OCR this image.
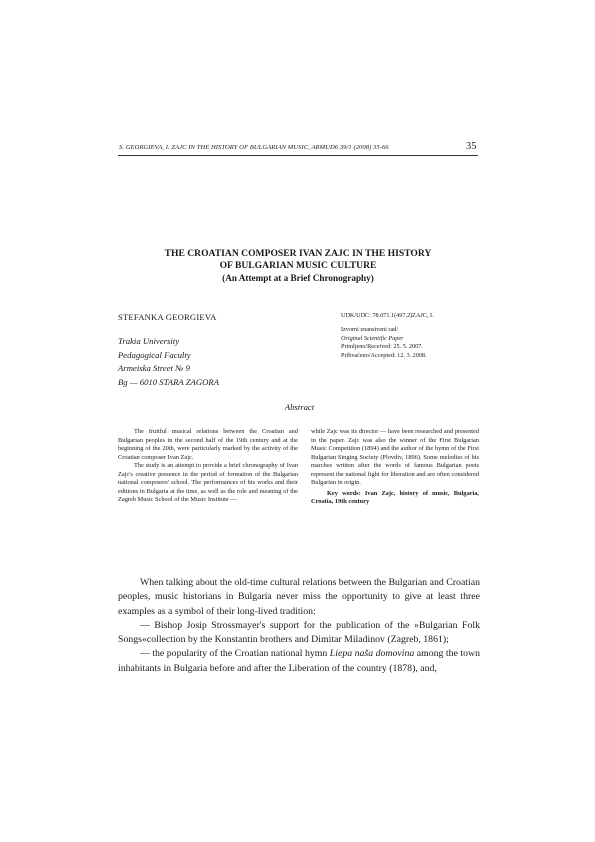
S. GEORGIEVA, I. ZAJC IN THE HISTORY OF BULGARIAN MUSIC, ARMUD6 39/1 (2008) 35-66	35
THE CROATIAN COMPOSER IVAN ZAJC IN THE HISTORY
OF BULGARIAN MUSIC CULTURE
(An Attempt at a Brief Chronography)
STEFANKA GEORGIEVA
Trakia University
Pedagogical Faculty
Armeiska Street № 9
Bg — 6010 STARA ZAGORA
UDK/UDC: 78.071.1(497.2)ZAJC, I.
Izvorni znanstveni rad/
Original Scientific Paper
Primljeno/Received: 25. 5. 2007.
Prihvaćeno/Accepted: 12. 3. 2008.
Abstract

The fruitful musical relations between the Croatian and Bulgarian peoples in the second half of the 19th century and at the beginning of the 20th, were particularly marked by the activity of the Croatian composer Ivan Zajc.

The study is an attempt to provide a brief chronography of Ivan Zajc's creative presence in the period of formation of the Bulgarian national composers' school. The performances of his works and their editions in Bulgaria at the time, as well as the role and meaning of the Zagreb Music School of the Music Institute —

while Zajc was its director — have been researched and presented in the paper. Zajc was also the winner of the First Bulgarian Music Competition (1894) and the author of the hymn of the First Bulgarian Singing Society (Plovdiv, 1896). Some melodies of his marches written after the words of famous Bulgarian poets represent the national fight for liberation and are often considered Bulgarian in origin.

Key words: Ivan Zajc, history of music, Bulgaria, Croatia, 19th century

When talking about the old-time cultural relations between the Bulgarian and Croatian peoples, music historians in Bulgaria never miss the opportunity to give at least three examples as a symbol of their long-lived tradition:

— Bishop Josip Strossmayer's support for the publication of the »Bulgarian Folk Songs«collection by the Konstantin brothers and Dimitar Miladinov (Zagreb, 1861);

— the popularity of the Croatian national hymn Liepa naša domovina among the town inhabitants in Bulgaria before and after the Liberation of the country (1878), and,
